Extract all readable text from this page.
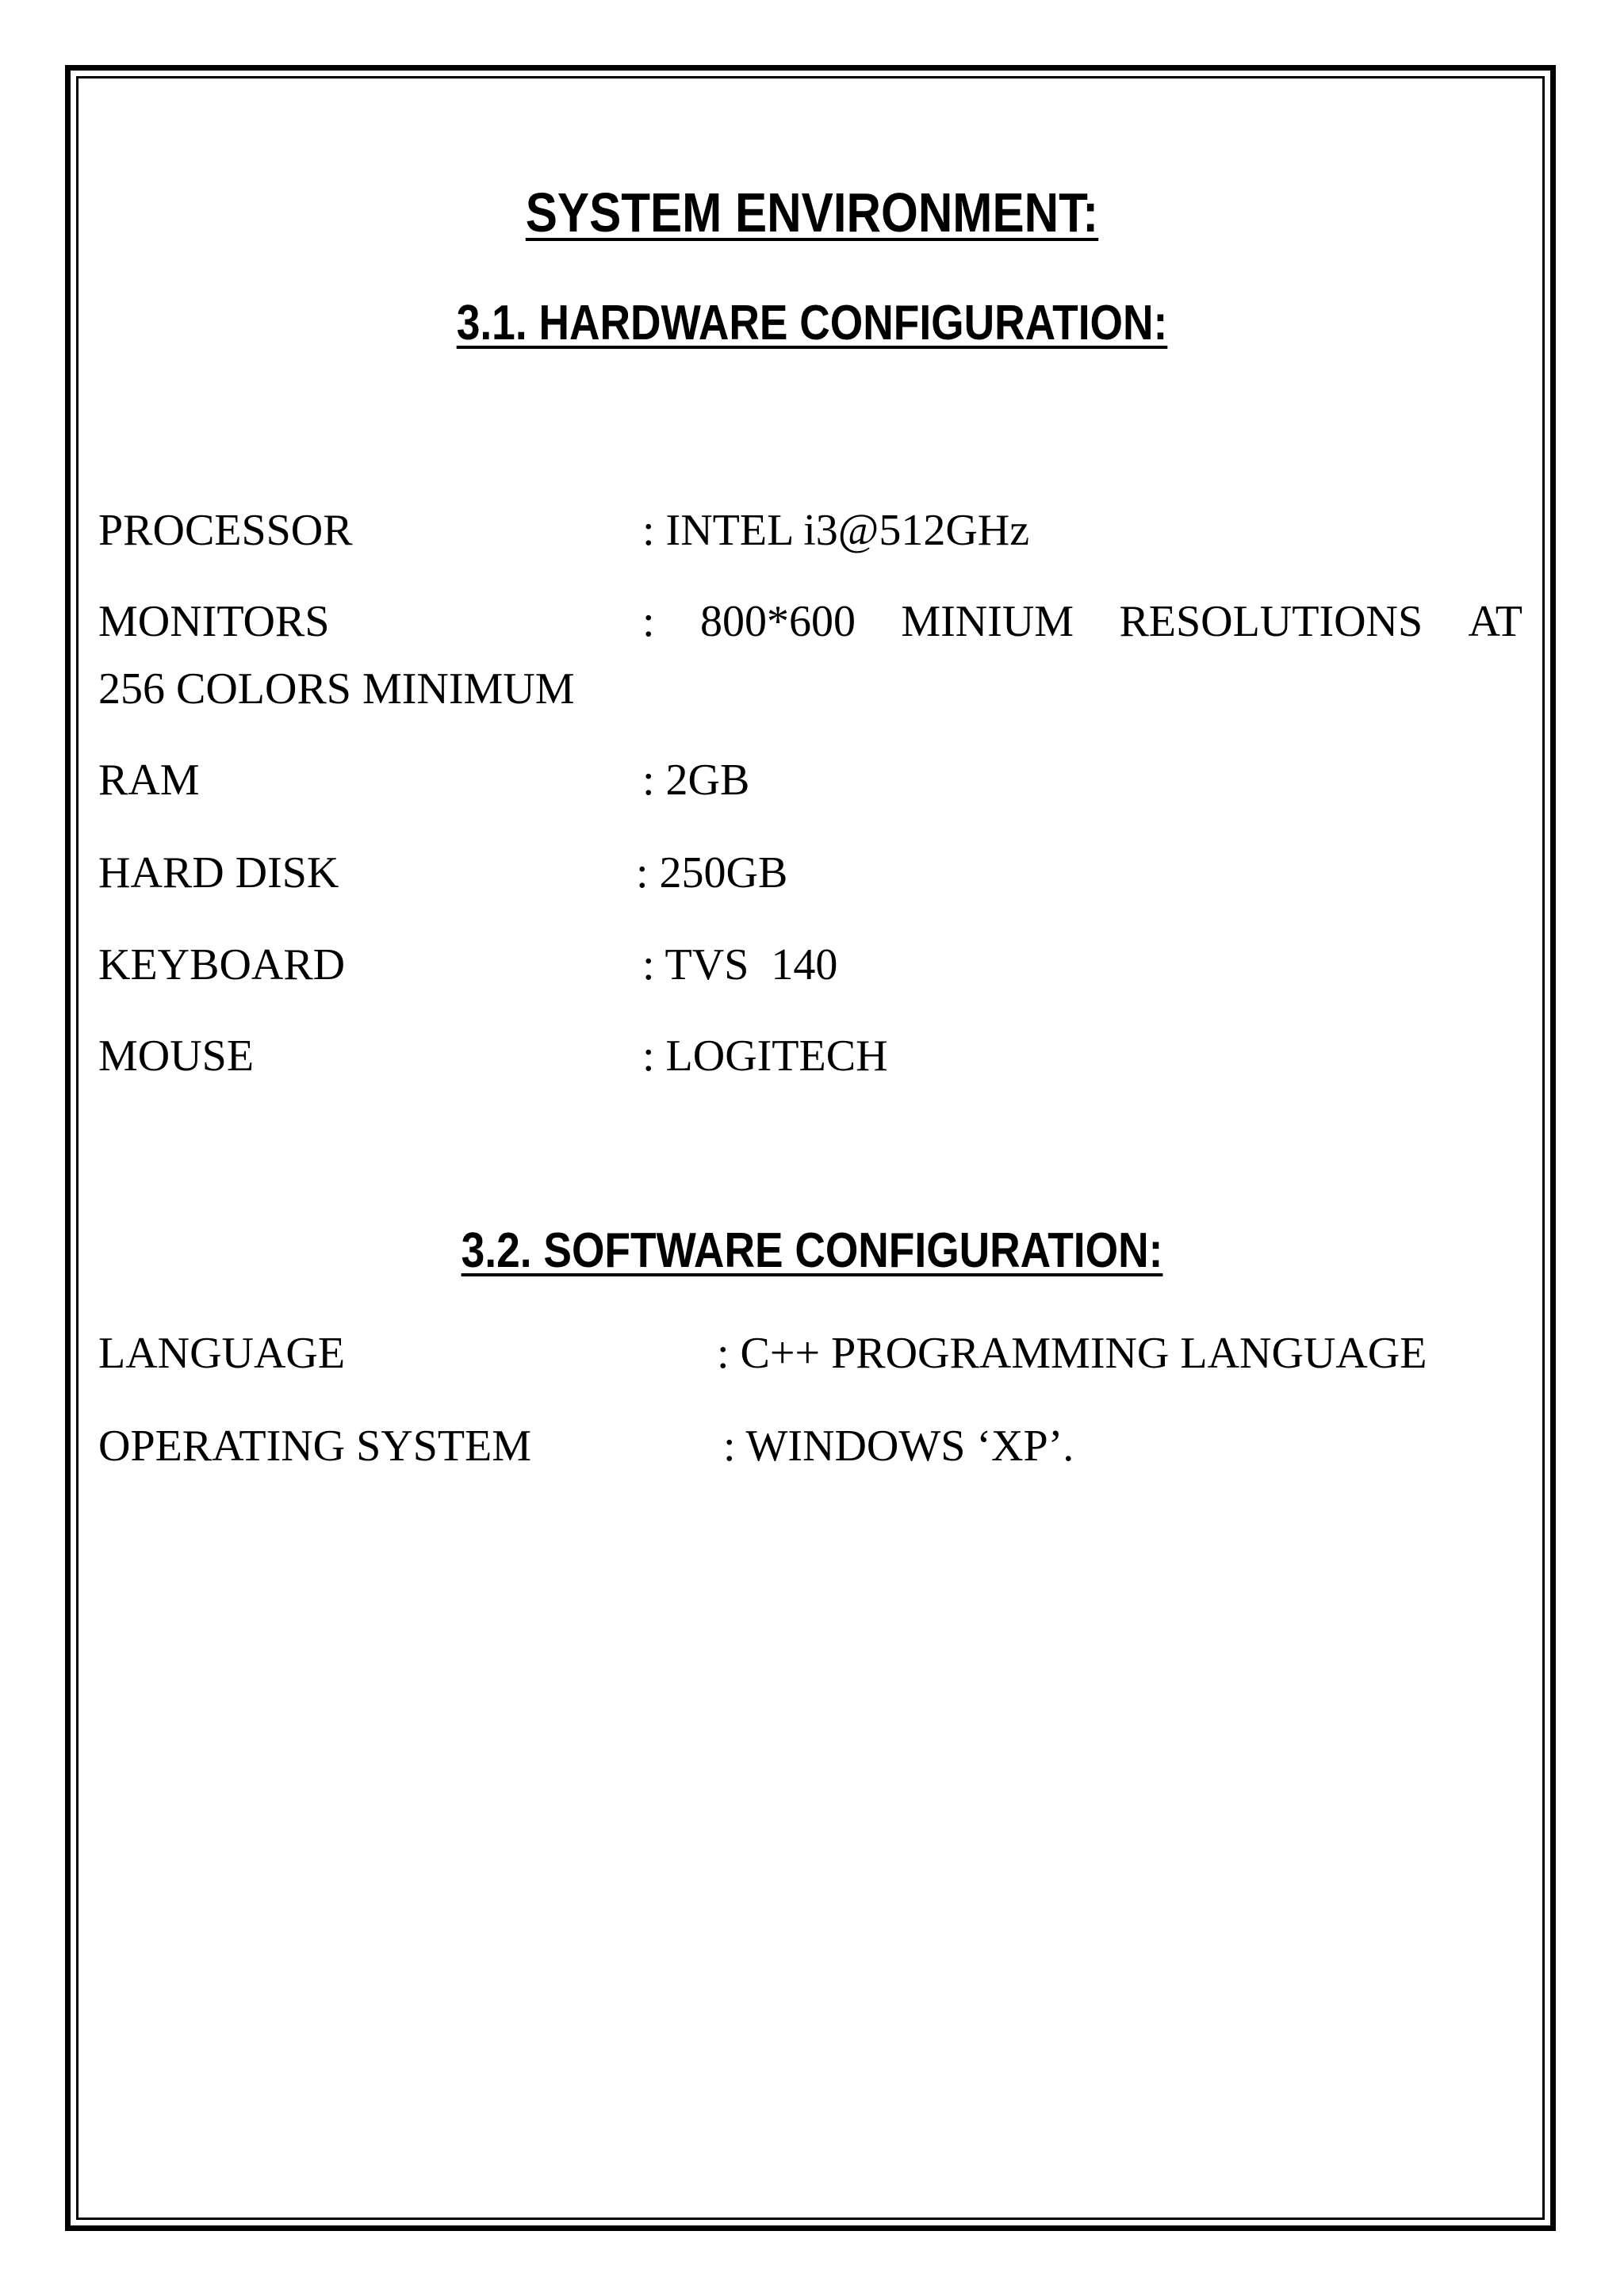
SYSTEM ENVIRONMENT:
3.1. HARDWARE CONFIGURATION:
PROCESSOR	: INTEL i3@512GHz
MONITORS	: 800*600 MINIUM RESOLUTIONS AT
256 COLORS MINIMUM
RAM	: 2GB
HARD DISK	: 250GB
KEYBOARD	: TVS  140
MOUSE	: LOGITECH
3.2. SOFTWARE CONFIGURATION:
LANGUAGE	: C++ PROGRAMMING LANGUAGE
OPERATING SYSTEM	: WINDOWS ‘XP’.
